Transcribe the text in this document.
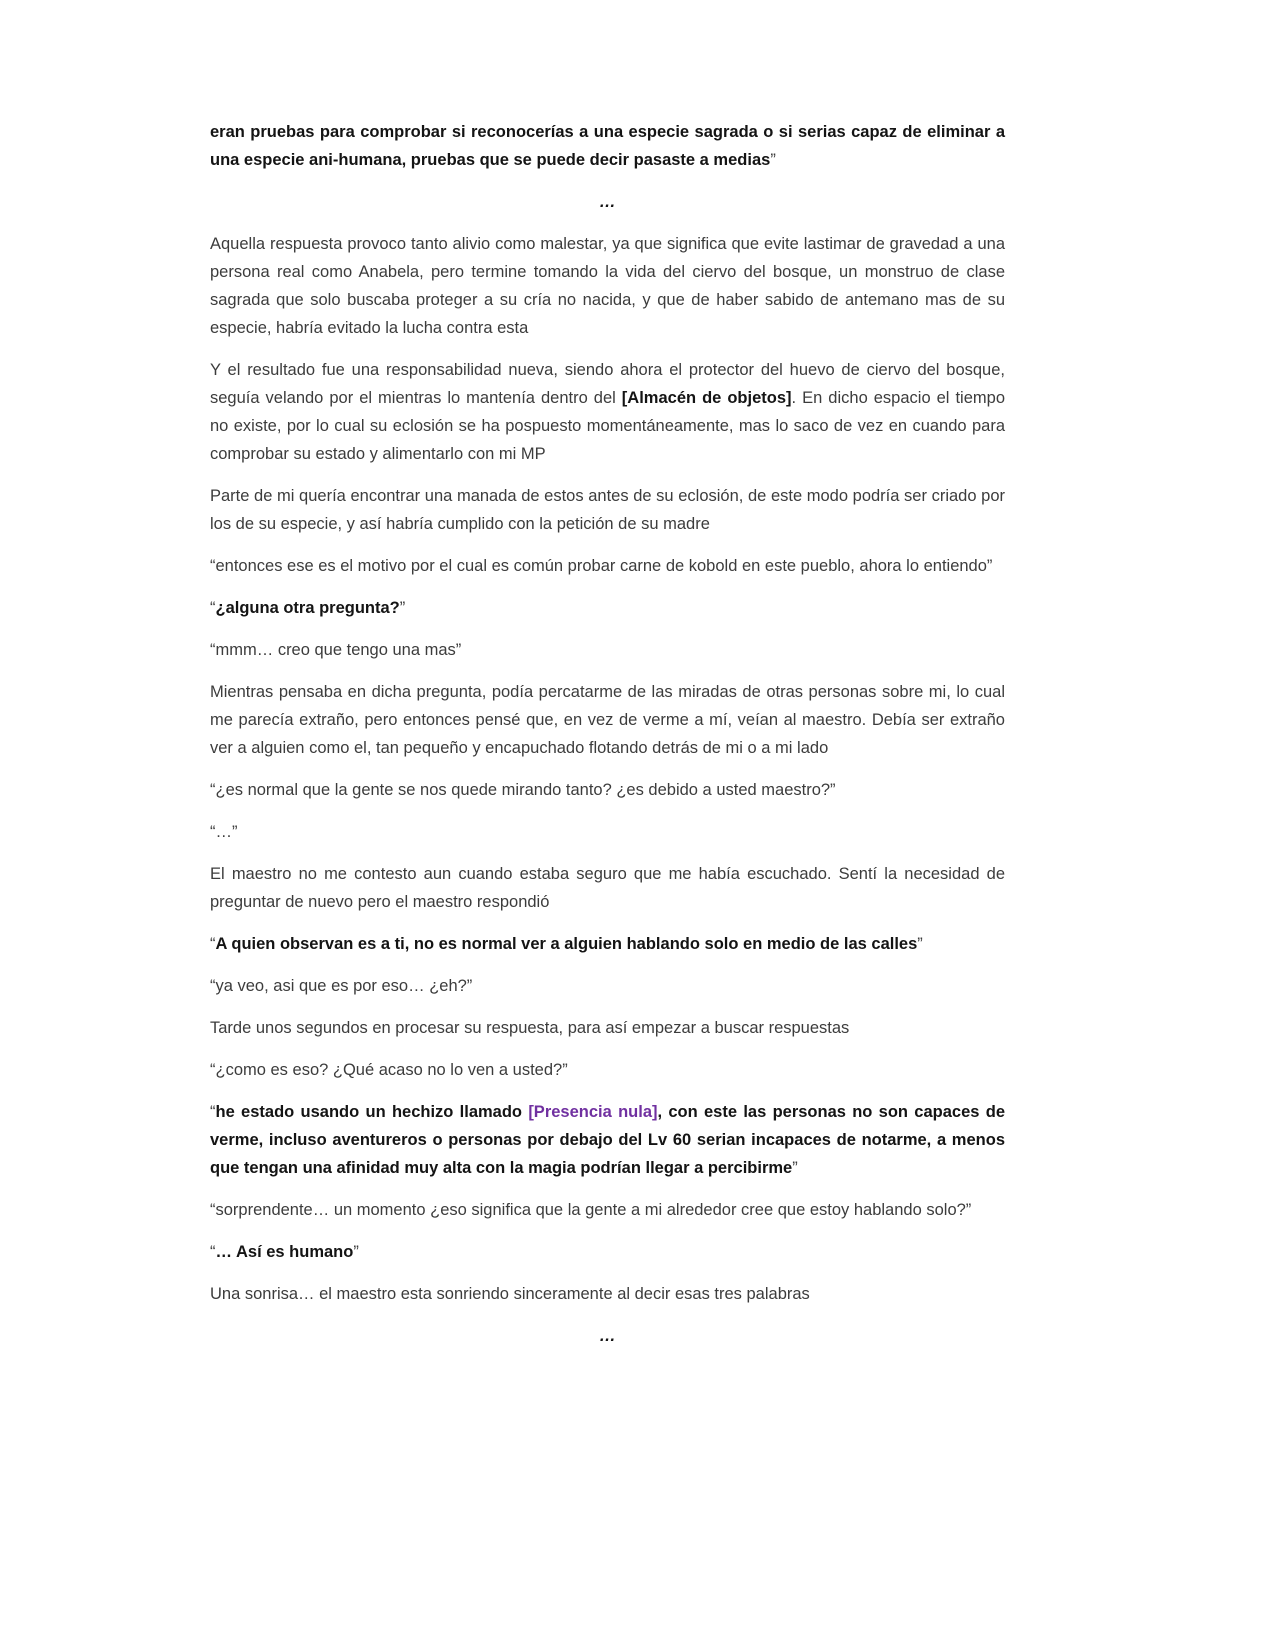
eran pruebas para comprobar si reconocerías a una especie sagrada o si serias capaz de eliminar a una especie ani-humana, pruebas que se puede decir pasaste a medias”

…

Aquella respuesta provoco tanto alivio como malestar, ya que significa que evite lastimar de gravedad a una persona real como Anabela, pero termine tomando la vida del ciervo del bosque, un monstruo de clase sagrada que solo buscaba proteger a su cría no nacida, y que de haber sabido de antemano mas de su especie, habría evitado la lucha contra esta

Y el resultado fue una responsabilidad nueva, siendo ahora el protector del huevo de ciervo del bosque, seguía velando por el mientras lo mantenía dentro del [Almacén de objetos]. En dicho espacio el tiempo no existe, por lo cual su eclosión se ha pospuesto momentáneamente, mas lo saco de vez en cuando para comprobar su estado y alimentarlo con mi MP

Parte de mi quería encontrar una manada de estos antes de su eclosión, de este modo podría ser criado por los de su especie, y así habría cumplido con la petición de su madre

“entonces ese es el motivo por el cual es común probar carne de kobold en este pueblo, ahora lo entiendo”

“¿alguna otra pregunta?”

“mmm… creo que tengo una mas”

Mientras pensaba en dicha pregunta, podía percatarme de las miradas de otras personas sobre mi, lo cual me parecía extraño, pero entonces pensé que, en vez de verme a mí, veían al maestro. Debía ser extraño ver a alguien como el, tan pequeño y encapuchado flotando detrás de mi o a mi lado

“¿es normal que la gente se nos quede mirando tanto? ¿es debido a usted maestro?”

“…”

El maestro no me contesto aun cuando estaba seguro que me había escuchado. Sentí la necesidad de preguntar de nuevo pero el maestro respondió

“A quien observan es a ti, no es normal ver a alguien hablando solo en medio de las calles”

“ya veo, asi que es por eso… ¿eh?”

Tarde unos segundos en procesar su respuesta, para así empezar a buscar respuestas

“¿como es eso? ¿Qué acaso no lo ven a usted?”

“he estado usando un hechizo llamado [Presencia nula], con este las personas no son capaces de verme, incluso aventureros o personas por debajo del Lv 60 serian incapaces de notarme, a menos que tengan una afinidad muy alta con la magia podrían llegar a percibirme”

“sorprendente… un momento ¿eso significa que la gente a mi alrededor cree que estoy hablando solo?”

“… Así es humano”

Una sonrisa… el maestro esta sonriendo sinceramente al decir esas tres palabras

…
